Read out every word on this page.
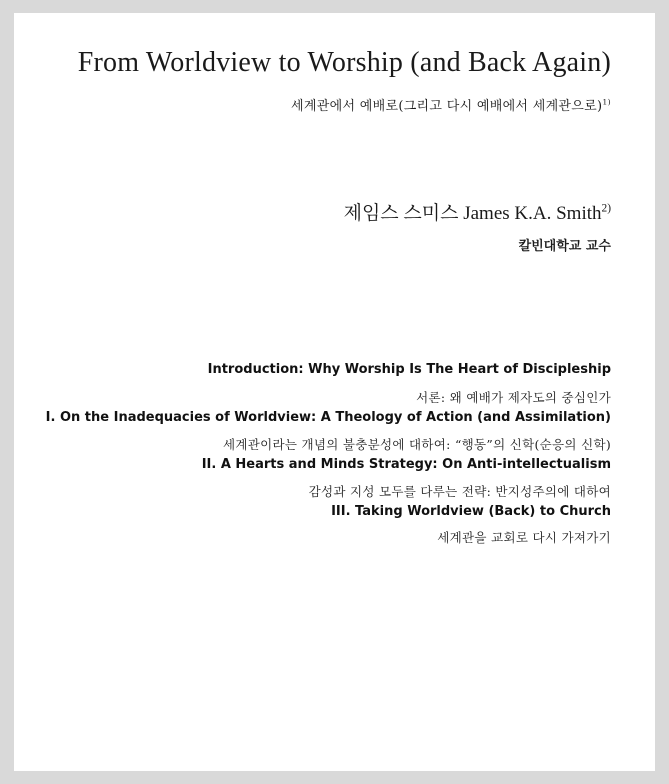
From Worldview to Worship (and Back Again)
세계관에서 예배로(그리고 다시 예배에서 세계관으로)$^{1)}$
제임스 스미스 James K.A. Smith$^{2)}$
칼빈대학교 교수
Introduction: Why Worship Is The Heart of Discipleship
서론: 왜 예배가 제자도의 중심인가
I. On the Inadequacies of Worldview: A Theology of Action (and Assimilation)
세계관이라는 개념의 불충분성에 대하여: “행동”의 신학(순응의 신학)
II. A Hearts and Minds Strategy: On Anti-intellectualism
감성과 지성 모두를 다루는 전략: 반지성주의에 대하여
III. Taking Worldview (Back) to Church
세계관을 교회로 다시 가져가기
